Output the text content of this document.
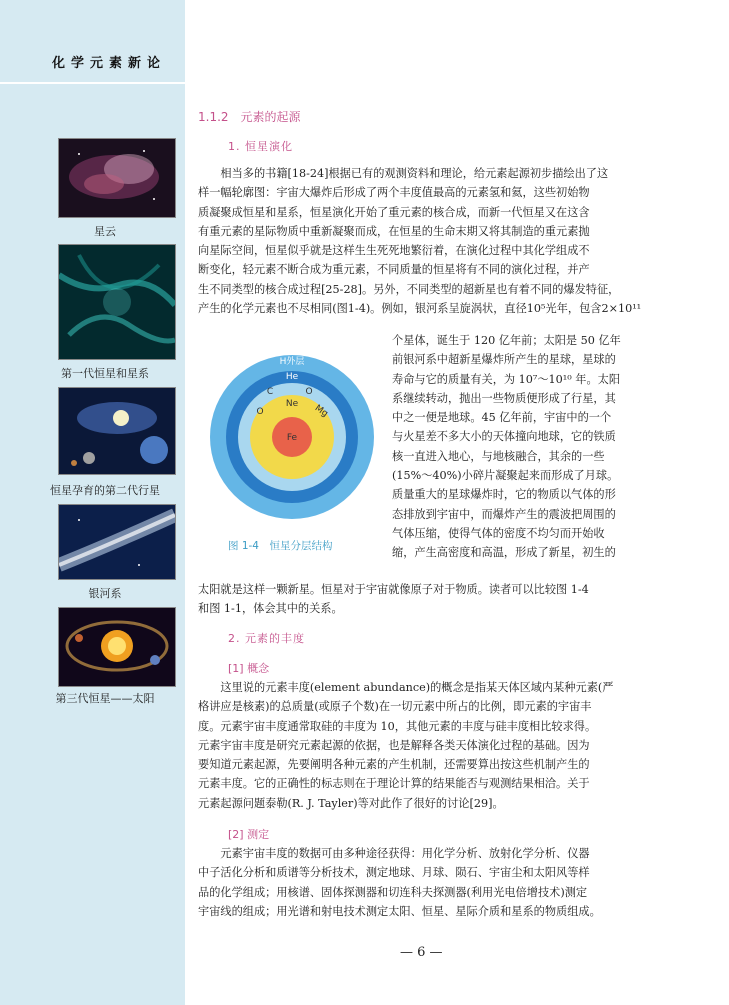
化学元素新论
星云
第一代恒星和星系
恒星孕育的第二代行星
银河系
第三代恒星——太阳
1.1.2　元素的起源
1. 恒星演化
　　相当多的书籍[18-24]根据已有的观测资料和理论，给元素起源初步描绘出了这
样一幅轮廓图：宇宙大爆炸后形成了两个丰度值最高的元素氢和氦，这些初始物
质凝聚成恒星和星系，恒星演化开始了重元素的核合成，而新一代恒星又在这含
有重元素的星际物质中重新凝聚而成，在恒星的生命末期又将其制造的重元素抛
向星际空间，恒星似乎就是这样生生死死地繁衍着，在演化过程中其化学组成不
断变化，轻元素不断合成为重元素，不同质量的恒星将有不同的演化过程，并产
生不同类型的核合成过程[25-28]。另外，不同类型的超新星也有着不同的爆发特征，
产生的化学元素也不尽相同(图1-4)。例如，银河系呈旋涡状，直径10⁵光年，包含2×10¹¹
H外层
He
C	O
O
Ne Mg
Fe
图 1-4　恒星分层结构
个星体，诞生于 120 亿年前；太阳是 50 亿年
前银河系中超新星爆炸所产生的星球，星球的
寿命与它的质量有关，为 10⁷～10¹⁰ 年。太阳
系继续转动，抛出一些物质便形成了行星，其
中之一便是地球。45 亿年前，宇宙中的一个
与火星差不多大小的天体撞向地球，它的铁质
核一直进入地心，与地核融合，其余的一些
(15%～40%)小碎片凝聚起来而形成了月球。
质量重大的星球爆炸时，它的物质以气体的形
态排放到宇宙中，而爆炸产生的震波把周围的
气体压缩，使得气体的密度不均匀而开始收
缩，产生高密度和高温，形成了新星，初生的
太阳就是这样一颗新星。恒星对于宇宙就像原子对于物质。读者可以比较图 1-4
和图 1-1，体会其中的关系。
2. 元素的丰度
[1] 概念
　　这里说的元素丰度(element abundance)的概念是指某天体区域内某种元素(严
格讲应是核素)的总质量(或原子个数)在一切元素中所占的比例，即元素的宇宙丰
度。元素宇宙丰度通常取硅的丰度为 10，其他元素的丰度与硅丰度相比较求得。
元素宇宙丰度是研究元素起源的依据，也是解释各类天体演化过程的基础。因为
要知道元素起源，先要阐明各种元素的产生机制，还需要算出按这些机制产生的
元素丰度。它的正确性的标志则在于理论计算的结果能否与观测结果相洽。关于
元素起源问题泰勒(R. J. Tayler)等对此作了很好的讨论[29]。
[2] 测定
　　元素宇宙丰度的数据可由多种途径获得：用化学分析、放射化学分析、仪器
中子活化分析和质谱等分析技术，测定地球、月球、陨石、宇宙尘和太阳风等样
品的化学组成；用核谱、固体探测器和切连科夫探测器(利用光电倍增技术)测定
宇宙线的组成；用光谱和射电技术测定太阳、恒星、星际介质和星系的物质组成。
— 6 —
